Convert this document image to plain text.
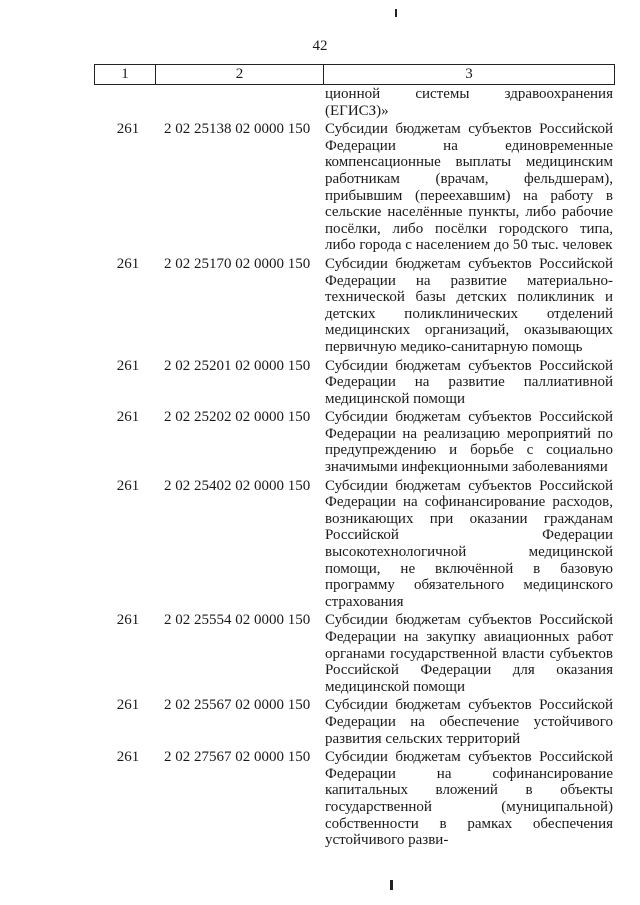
42
1	2	3
ционной системы здравоохранения (ЕГИСЗ)»
261	2 02 25138 02 0000 150 Субсидии бюджетам субъектов Российской Федерации на единовременные компенсационные выплаты медицинским работникам (врачам, фельдшерам), прибывшим (переехавшим) на работу в сельские населённые пункты, либо рабочие посёлки, либо посёлки городского типа, либо города с населением до 50 тыс. человек
261	2 02 25170 02 0000 150 Субсидии бюджетам субъектов Российской Федерации на развитие материально-технической базы детских поликлиник и детских поликлинических отделений медицинских организаций, оказывающих первичную медико-санитарную помощь
261	2 02 25201 02 0000 150 Субсидии бюджетам субъектов Российской Федерации на развитие паллиативной медицинской помощи
261	2 02 25202 02 0000 150 Субсидии бюджетам субъектов Российской Федерации на реализацию мероприятий по предупреждению и борьбе с социально значимыми инфекционными заболеваниями
261	2 02 25402 02 0000 150 Субсидии бюджетам субъектов Российской Федерации на софинансирование расходов, возникающих при оказании гражданам Российской Федерации высокотехнологичной медицинской помощи, не включённой в базовую программу обязательного медицинского страхования
261	2 02 25554 02 0000 150 Субсидии бюджетам субъектов Российской Федерации на закупку авиационных работ органами государственной власти субъектов Российской Федерации для оказания медицинской помощи
261	2 02 25567 02 0000 150 Субсидии бюджетам субъектов Российской Федерации на обеспечение устойчивого развития сельских территорий
261	2 02 27567 02 0000 150 Субсидии бюджетам субъектов Российской Федерации на софинансирование капитальных вложений в объекты государственной (муниципальной) собственности в рамках обеспечения устойчивого разви-
